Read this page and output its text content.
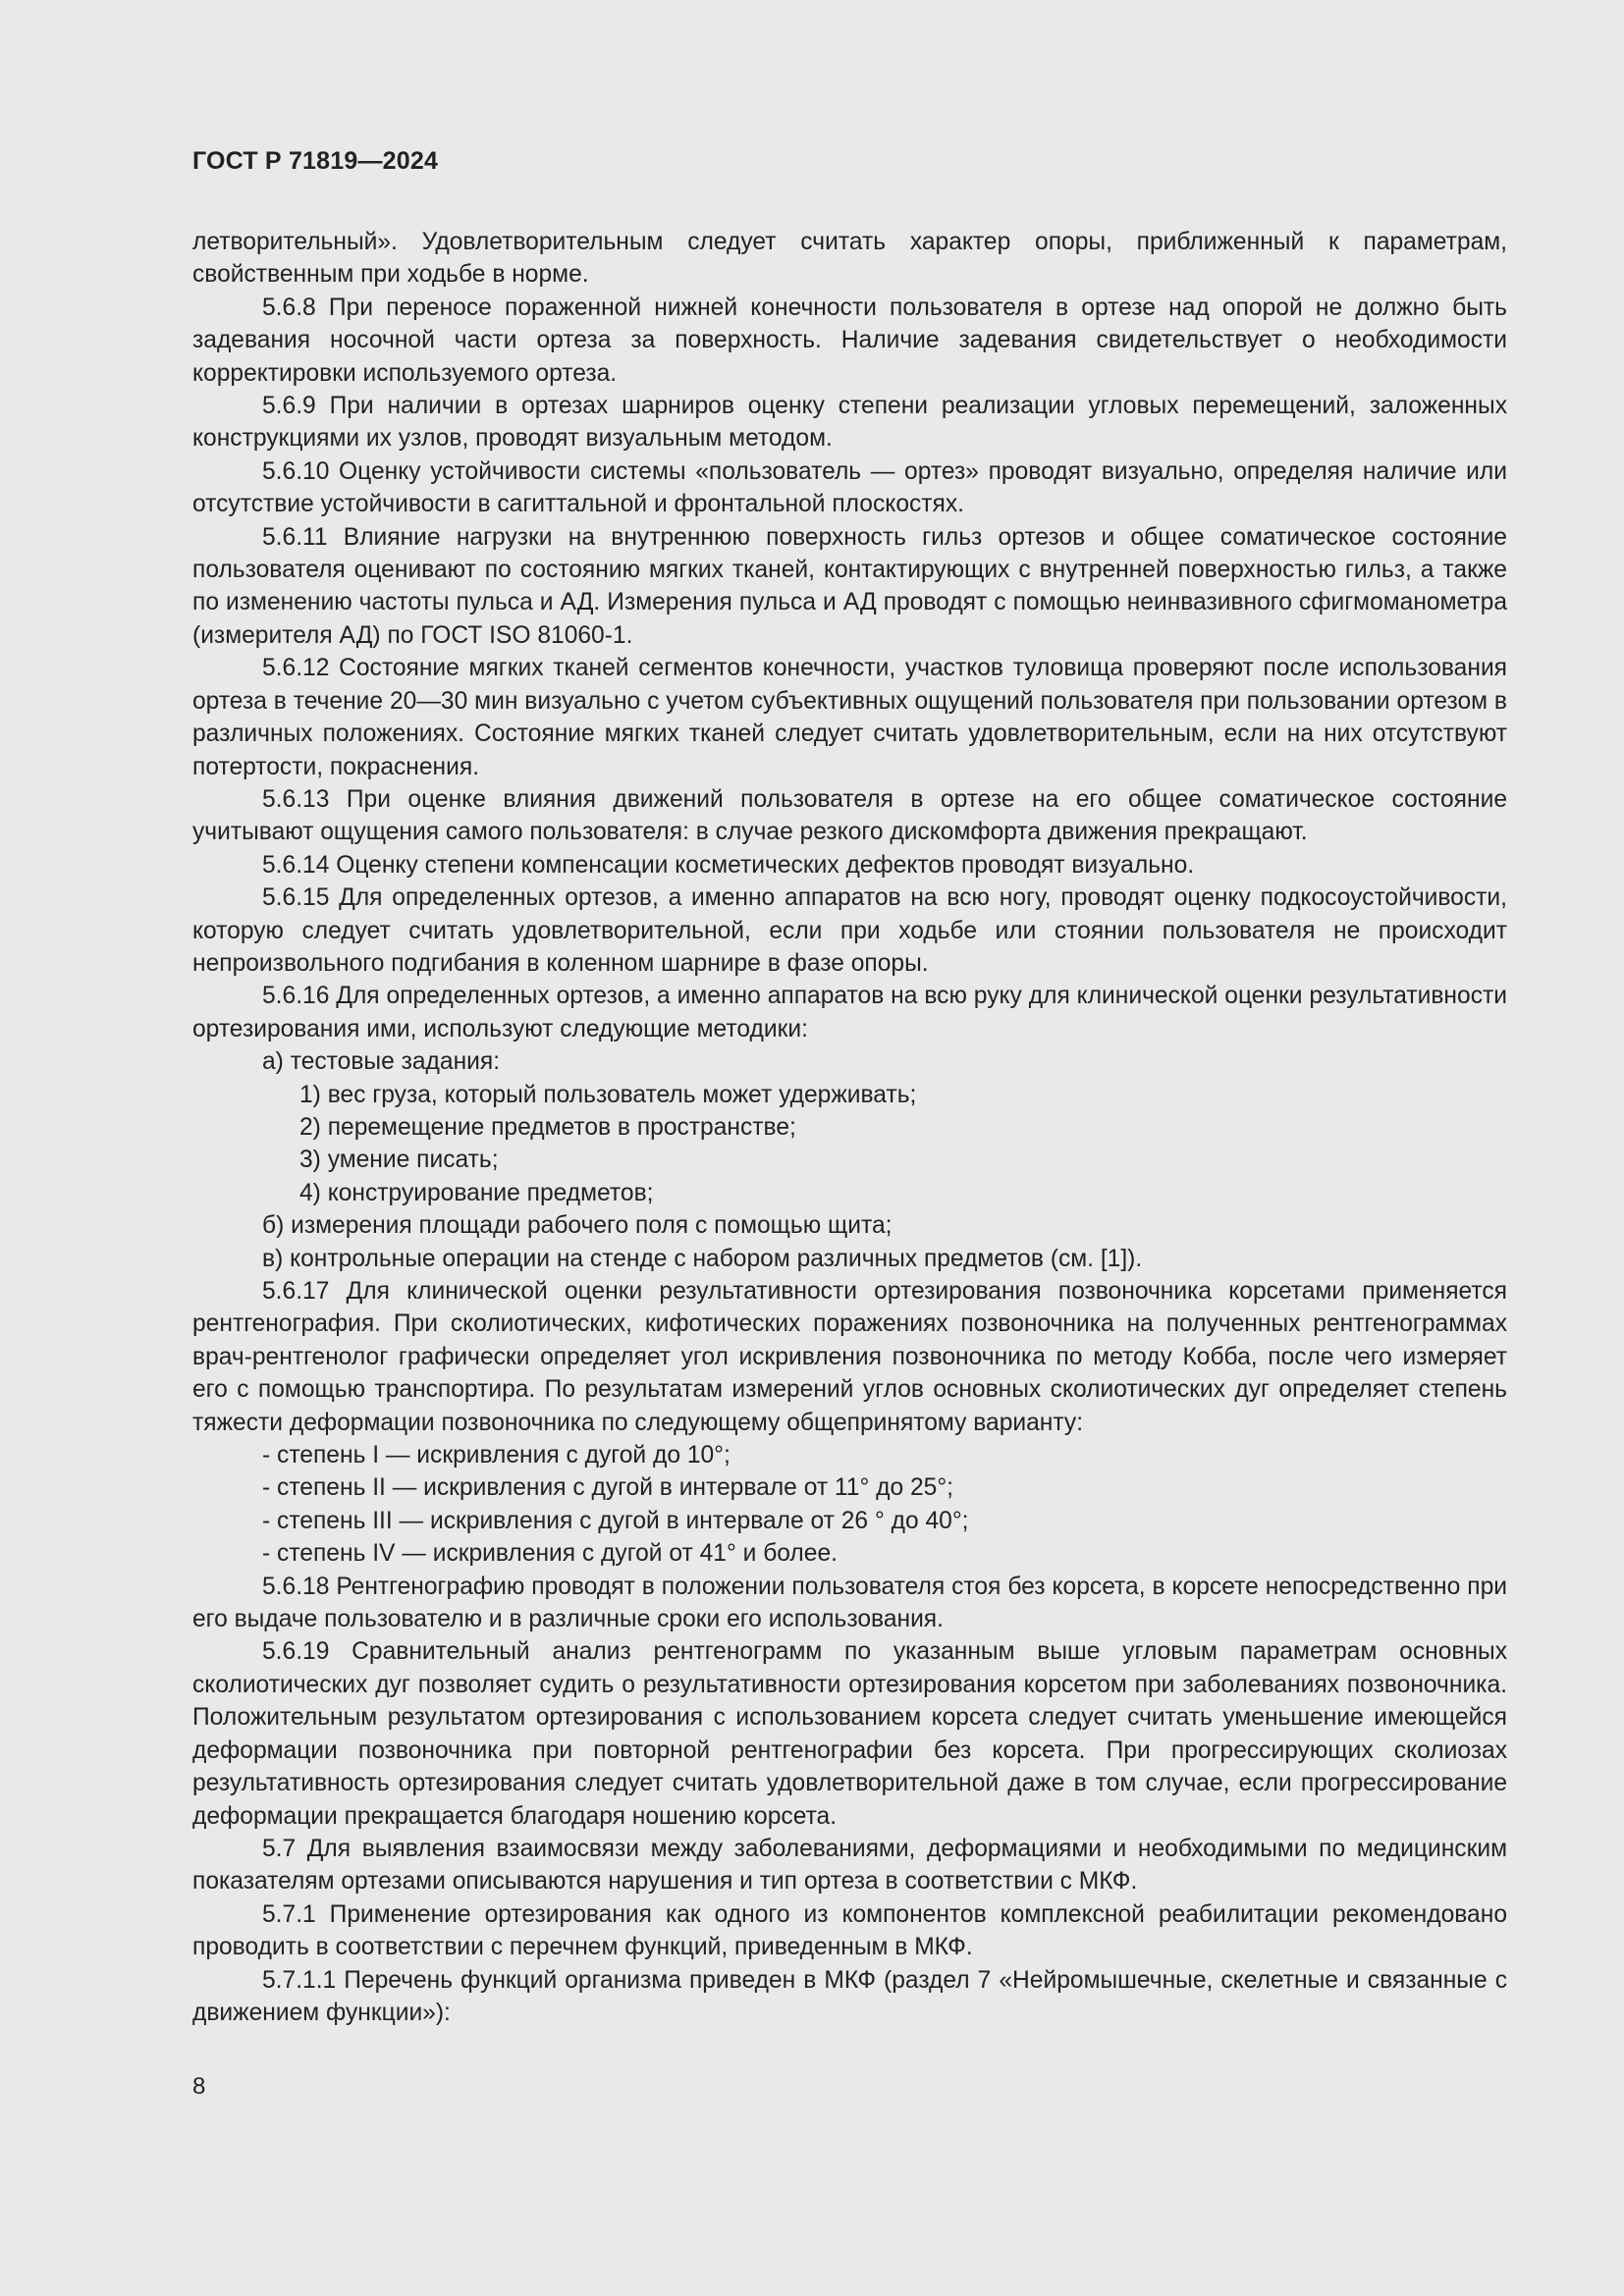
ГОСТ Р 71819—2024

летворительный». Удовлетворительным следует считать характер опоры, приближенный к параметрам, свойственным при ходьбе в норме.

5.6.8 При переносе пораженной нижней конечности пользователя в ортезе над опорой не должно быть задевания носочной части ортеза за поверхность. Наличие задевания свидетельствует о необходимости корректировки используемого ортеза.

5.6.9 При наличии в ортезах шарниров оценку степени реализации угловых перемещений, заложенных конструкциями их узлов, проводят визуальным методом.

5.6.10 Оценку устойчивости системы «пользователь — ортез» проводят визуально, определяя наличие или отсутствие устойчивости в сагиттальной и фронтальной плоскостях.

5.6.11 Влияние нагрузки на внутреннюю поверхность гильз ортезов и общее соматическое состояние пользователя оценивают по состоянию мягких тканей, контактирующих с внутренней поверхностью гильз, а также по изменению частоты пульса и АД. Измерения пульса и АД проводят с помощью неинвазивного сфигмоманометра (измерителя АД) по ГОСТ ISO 81060-1.

5.6.12 Состояние мягких тканей сегментов конечности, участков туловища проверяют после использования ортеза в течение 20—30 мин визуально с учетом субъективных ощущений пользователя при пользовании ортезом в различных положениях. Состояние мягких тканей следует считать удовлетворительным, если на них отсутствуют потертости, покраснения.

5.6.13 При оценке влияния движений пользователя в ортезе на его общее соматическое состояние учитывают ощущения самого пользователя: в случае резкого дискомфорта движения прекращают.

5.6.14 Оценку степени компенсации косметических дефектов проводят визуально.

5.6.15 Для определенных ортезов, а именно аппаратов на всю ногу, проводят оценку подкосоустойчивости, которую следует считать удовлетворительной, если при ходьбе или стоянии пользователя не происходит непроизвольного подгибания в коленном шарнире в фазе опоры.

5.6.16 Для определенных ортезов, а именно аппаратов на всю руку для клинической оценки результативности ортезирования ими, используют следующие методики:

а) тестовые задания:

1) вес груза, который пользователь может удерживать;

2) перемещение предметов в пространстве;

3) умение писать;

4) конструирование предметов;

б) измерения площади рабочего поля с помощью щита;

в) контрольные операции на стенде с набором различных предметов (см. [1]).

5.6.17 Для клинической оценки результативности ортезирования позвоночника корсетами применяется рентгенография. При сколиотических, кифотических поражениях позвоночника на полученных рентгенограммах врач-рентгенолог графически определяет угол искривления позвоночника по методу Кобба, после чего измеряет его с помощью транспортира. По результатам измерений углов основных сколиотических дуг определяет степень тяжести деформации позвоночника по следующему общепринятому варианту:

- степень I — искривления с дугой до 10°;

- степень II — искривления с дугой в интервале от 11° до 25°;

- степень III — искривления с дугой в интервале от 26 ° до 40°;

- степень IV — искривления с дугой от 41° и более.

5.6.18 Рентгенографию проводят в положении пользователя стоя без корсета, в корсете непосредственно при его выдаче пользователю и в различные сроки его использования.

5.6.19 Сравнительный анализ рентгенограмм по указанным выше угловым параметрам основных сколиотических дуг позволяет судить о результативности ортезирования корсетом при заболеваниях позвоночника. Положительным результатом ортезирования с использованием корсета следует считать уменьшение имеющейся деформации позвоночника при повторной рентгенографии без корсета. При прогрессирующих сколиозах результативность ортезирования следует считать удовлетворительной даже в том случае, если прогрессирование деформации прекращается благодаря ношению корсета.

5.7 Для выявления взаимосвязи между заболеваниями, деформациями и необходимыми по медицинским показателям ортезами описываются нарушения и тип ортеза в соответствии с МКФ.

5.7.1 Применение ортезирования как одного из компонентов комплексной реабилитации рекомендовано проводить в соответствии с перечнем функций, приведенным в МКФ.

5.7.1.1 Перечень функций организма приведен в МКФ (раздел 7 «Нейромышечные, скелетные и связанные с движением функции»):

8
